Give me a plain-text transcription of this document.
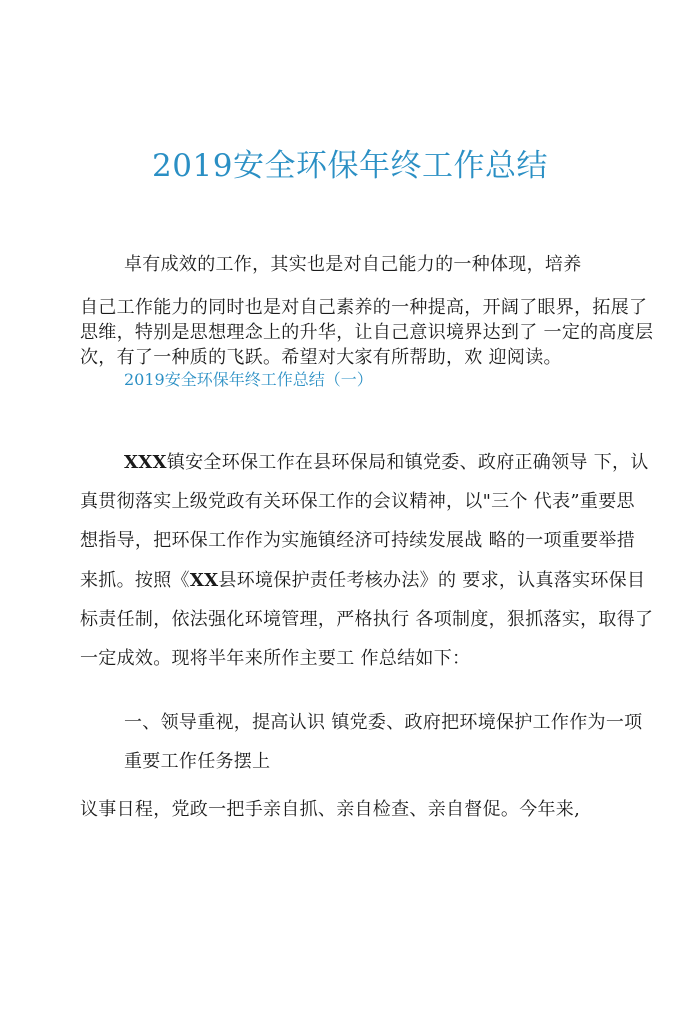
2019安全环保年终工作总结
卓有成效的工作，其实也是对自己能力的一种体现，培养
自己工作能力的同时也是对自己素养的一种提高，开阔了眼界，拓展了
思维，特别是思想理念上的升华，让自己意识境界达到了 一定的高度层
次，有了一种质的飞跃。希望对大家有所帮助，欢 迎阅读。
2019安全环保年终工作总结（一）
XXX镇安全环保工作在县环保局和镇党委、政府正确领导 下，认
真贯彻落实上级党政有关环保工作的会议精神，以"三个 代表”重要思
想指导，把环保工作作为实施镇经济可持续发展战 略的一项重要举措
来抓。按照《XX县环境保护责任考核办法》的 要求，认真落实环保目
标责任制，依法强化环境管理，严格执行 各项制度，狠抓落实，取得了
一定成效。现将半年来所作主要工 作总结如下：
一、领导重视，提高认识 镇党委、政府把环境保护工作作为一项
重要工作任务摆上
议事日程，党政一把手亲自抓、亲自检查、亲自督促。今年来,
